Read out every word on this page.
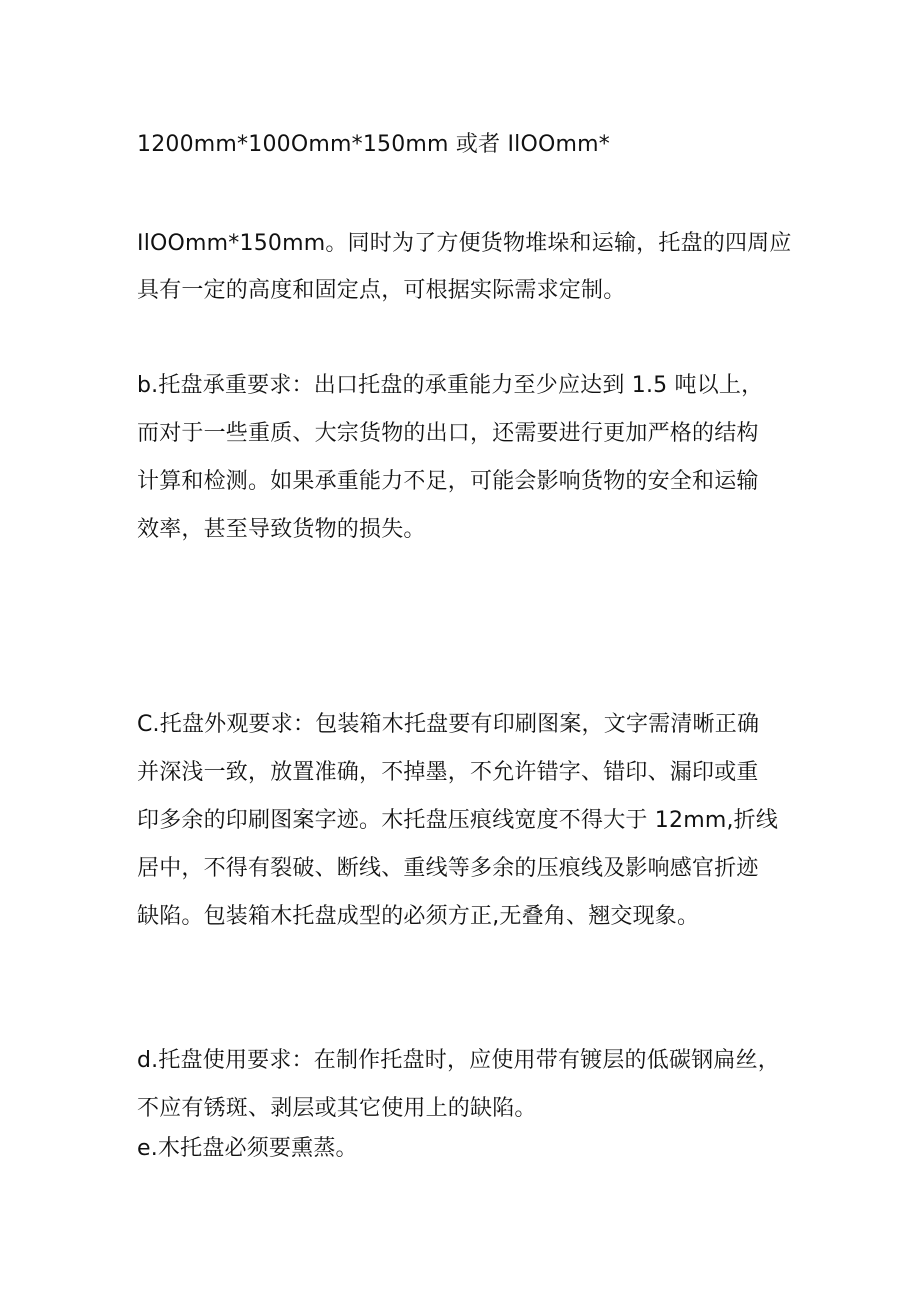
1200mm*100Omm*150mm 或者 IlOOmm*

IlOOmm*150mm。同时为了方便货物堆垛和运输，托盘的四周应

具有一定的高度和固定点，可根据实际需求定制。

b.托盘承重要求：出口托盘的承重能力至少应达到 1.5 吨以上，

而对于一些重质、大宗货物的出口，还需要进行更加严格的结构

计算和检测。如果承重能力不足，可能会影响货物的安全和运输

效率，甚至导致货物的损失。

C.托盘外观要求：包装箱木托盘要有印刷图案，文字需清晰正确

并深浅一致，放置准确，不掉墨，不允许错字、错印、漏印或重

印多余的印刷图案字迹。木托盘压痕线宽度不得大于 12mm,折线

居中，不得有裂破、断线、重线等多余的压痕线及影响感官折迹

缺陷。包装箱木托盘成型的必须方正,无叠角、翘交现象。

d.托盘使用要求：在制作托盘时，应使用带有镀层的低碳钢扁丝，

不应有锈斑、剥层或其它使用上的缺陷。

e.木托盘必须要熏蒸。
